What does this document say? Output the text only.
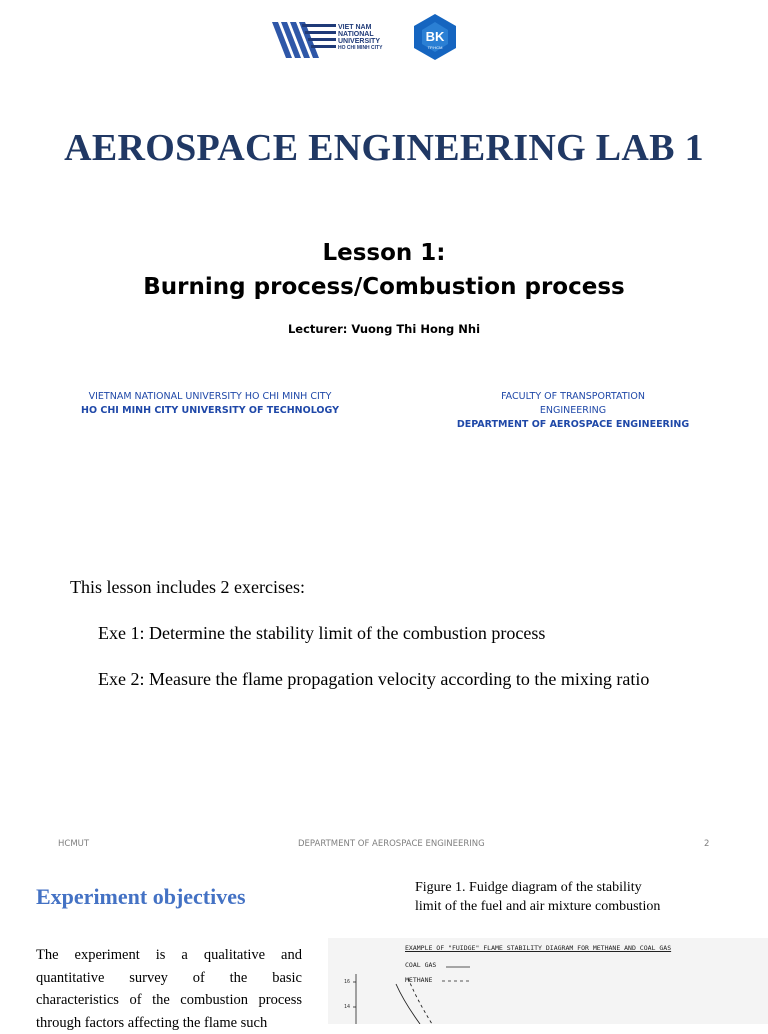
VIET NAM
NATIONAL
UNIVERSITY
HO CHI MINH CITY
BK
TP.HCM
AEROSPACE ENGINEERING LAB 1
Lesson 1:
Burning process/Combustion process
Lecturer: Vuong Thi Hong Nhi
VIETNAM NATIONAL UNIVERSITY HO CHI MINH CITY
HO CHI MINH CITY UNIVERSITY OF TECHNOLOGY
FACULTY OF TRANSPORTATION
ENGINEERING
DEPARTMENT OF AEROSPACE ENGINEERING
This lesson includes 2 exercises:
Exe 1: Determine the stability limit of the combustion process
Exe 2: Measure the flame propagation velocity according to the mixing ratio
HCMUT	DEPARTMENT OF AEROSPACE ENGINEERING	2
Experiment objectives
The experiment is a qualitative and quantitative survey of the basic characteristics of the combustion process through factors affecting the flame such
Figure 1. Fuidge diagram of the stability
limit of the fuel and air mixture combustion
EXAMPLE OF "FUIDGE" FLAME STABILITY DIAGRAM FOR METHANE AND COAL GAS
COAL GAS
METHANE
16
14
